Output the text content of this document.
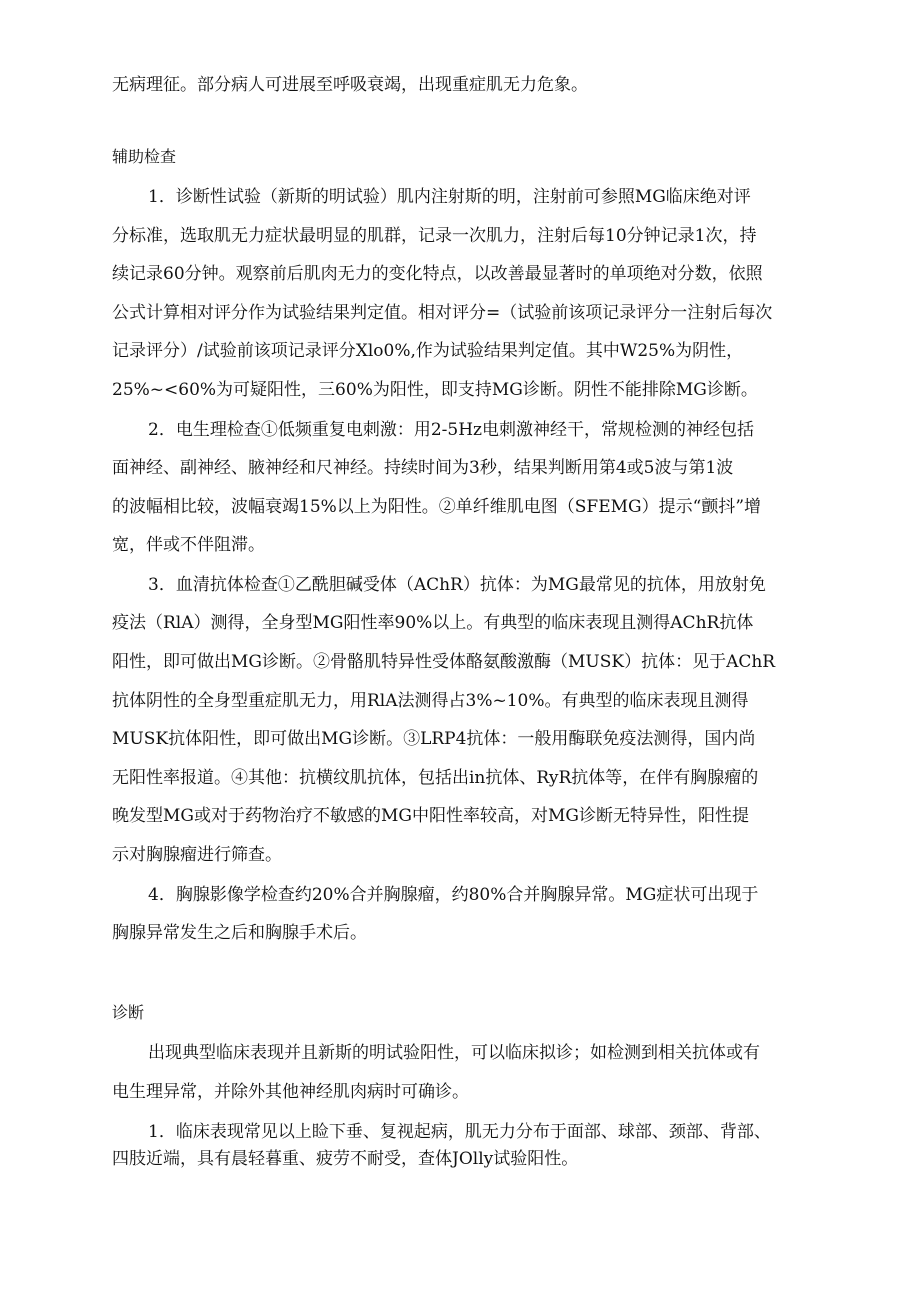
无病理征。部分病人可进展至呼吸衰竭，出现重症肌无力危象。
辅助检查
1．诊断性试验（新斯的明试验）肌内注射斯的明，注射前可参照MG临床绝对评
分标准，选取肌无力症状最明显的肌群，记录一次肌力，注射后每10分钟记录1次，持
续记录60分钟。观察前后肌肉无力的变化特点，以改善最显著时的单项绝对分数，依照
公式计算相对评分作为试验结果判定值。相对评分=（试验前该项记录评分一注射后每次
记录评分）/试验前该项记录评分Xlo0%,作为试验结果判定值。其中W25%为阴性，
25%~<60%为可疑阳性，三60%为阳性，即支持MG诊断。阴性不能排除MG诊断。
2．电生理检查①低频重复电刺激：用2-5Hz电刺激神经干，常规检测的神经包括
面神经、副神经、腋神经和尺神经。持续时间为3秒，结果判断用第4或5波与第1波
的波幅相比较，波幅衰竭15%以上为阳性。②单纤维肌电图（SFEMG）提示“颤抖”增
宽，伴或不伴阻滞。
3．血清抗体检查①乙酰胆碱受体（AChR）抗体：为MG最常见的抗体，用放射免
疫法（RlA）测得，全身型MG阳性率90%以上。有典型的临床表现且测得AChR抗体
阳性，即可做出MG诊断。②骨骼肌特异性受体酪氨酸激酶（MUSK）抗体：见于AChR
抗体阴性的全身型重症肌无力，用RlA法测得占3%~10%。有典型的临床表现且测得
MUSK抗体阳性，即可做出MG诊断。③LRP4抗体：一般用酶联免疫法测得，国内尚
无阳性率报道。④其他：抗横纹肌抗体，包括出in抗体、RyR抗体等，在伴有胸腺瘤的
晚发型MG或对于药物治疗不敏感的MG中阳性率较高，对MG诊断无特异性，阳性提
示对胸腺瘤进行筛查。
4．胸腺影像学检查约20%合并胸腺瘤，约80%合并胸腺异常。MG症状可出现于
胸腺异常发生之后和胸腺手术后。
诊断
出现典型临床表现并且新斯的明试验阳性，可以临床拟诊；如检测到相关抗体或有
电生理异常，并除外其他神经肌肉病时可确诊。
1．临床表现常见以上睑下垂、复视起病，肌无力分布于面部、球部、颈部、背部、
四肢近端，具有晨轻暮重、疲劳不耐受，查体JOlly试验阳性。
